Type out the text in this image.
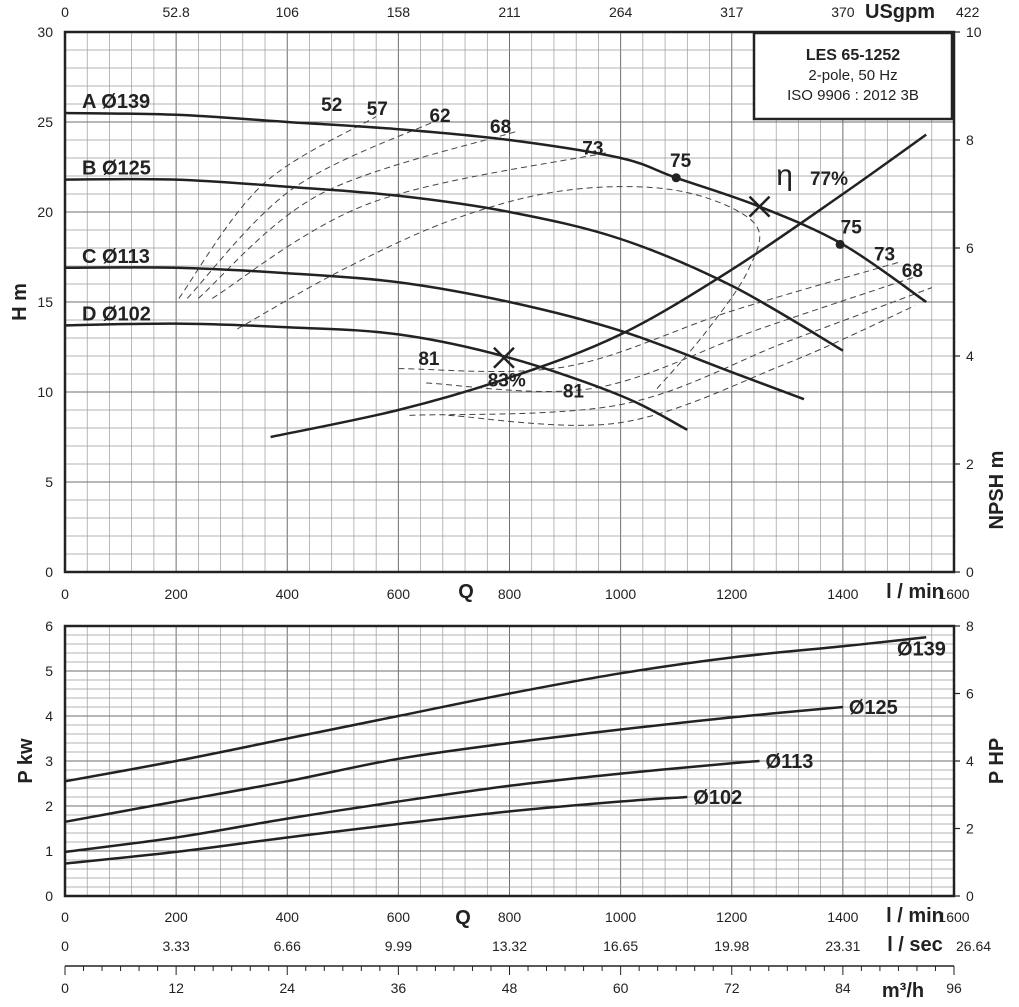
0	200	400	600	800	1000	1200	1400	1600
0
5
10
15
20
25
30
0
2
4
6
8
10
0	52.8	106	158	211	264	317	370	422
A Ø139
B Ø125
C Ø113
D Ø102
52 57 62
68
73
75	η 77%
75
73
68
81
83%
81
LES 65-1252
2-pole, 50 Hz
ISO 9906 : 2012 3B
H m
NPSH m
Q	l / min
USgpm
0	200	400	600	800	1000	1200	1400	1600
0
1
2
3
4
5
6
0
2
4
6
8
Ø139
Ø125
Ø113
Ø102
P kw	P HP
Q	l / min
l / sec
m³/h
0	3.33	6.66	9.99	13.32	16.65	19.98	23.31	26.64
0	12	24	36	48	60	72	84	96
